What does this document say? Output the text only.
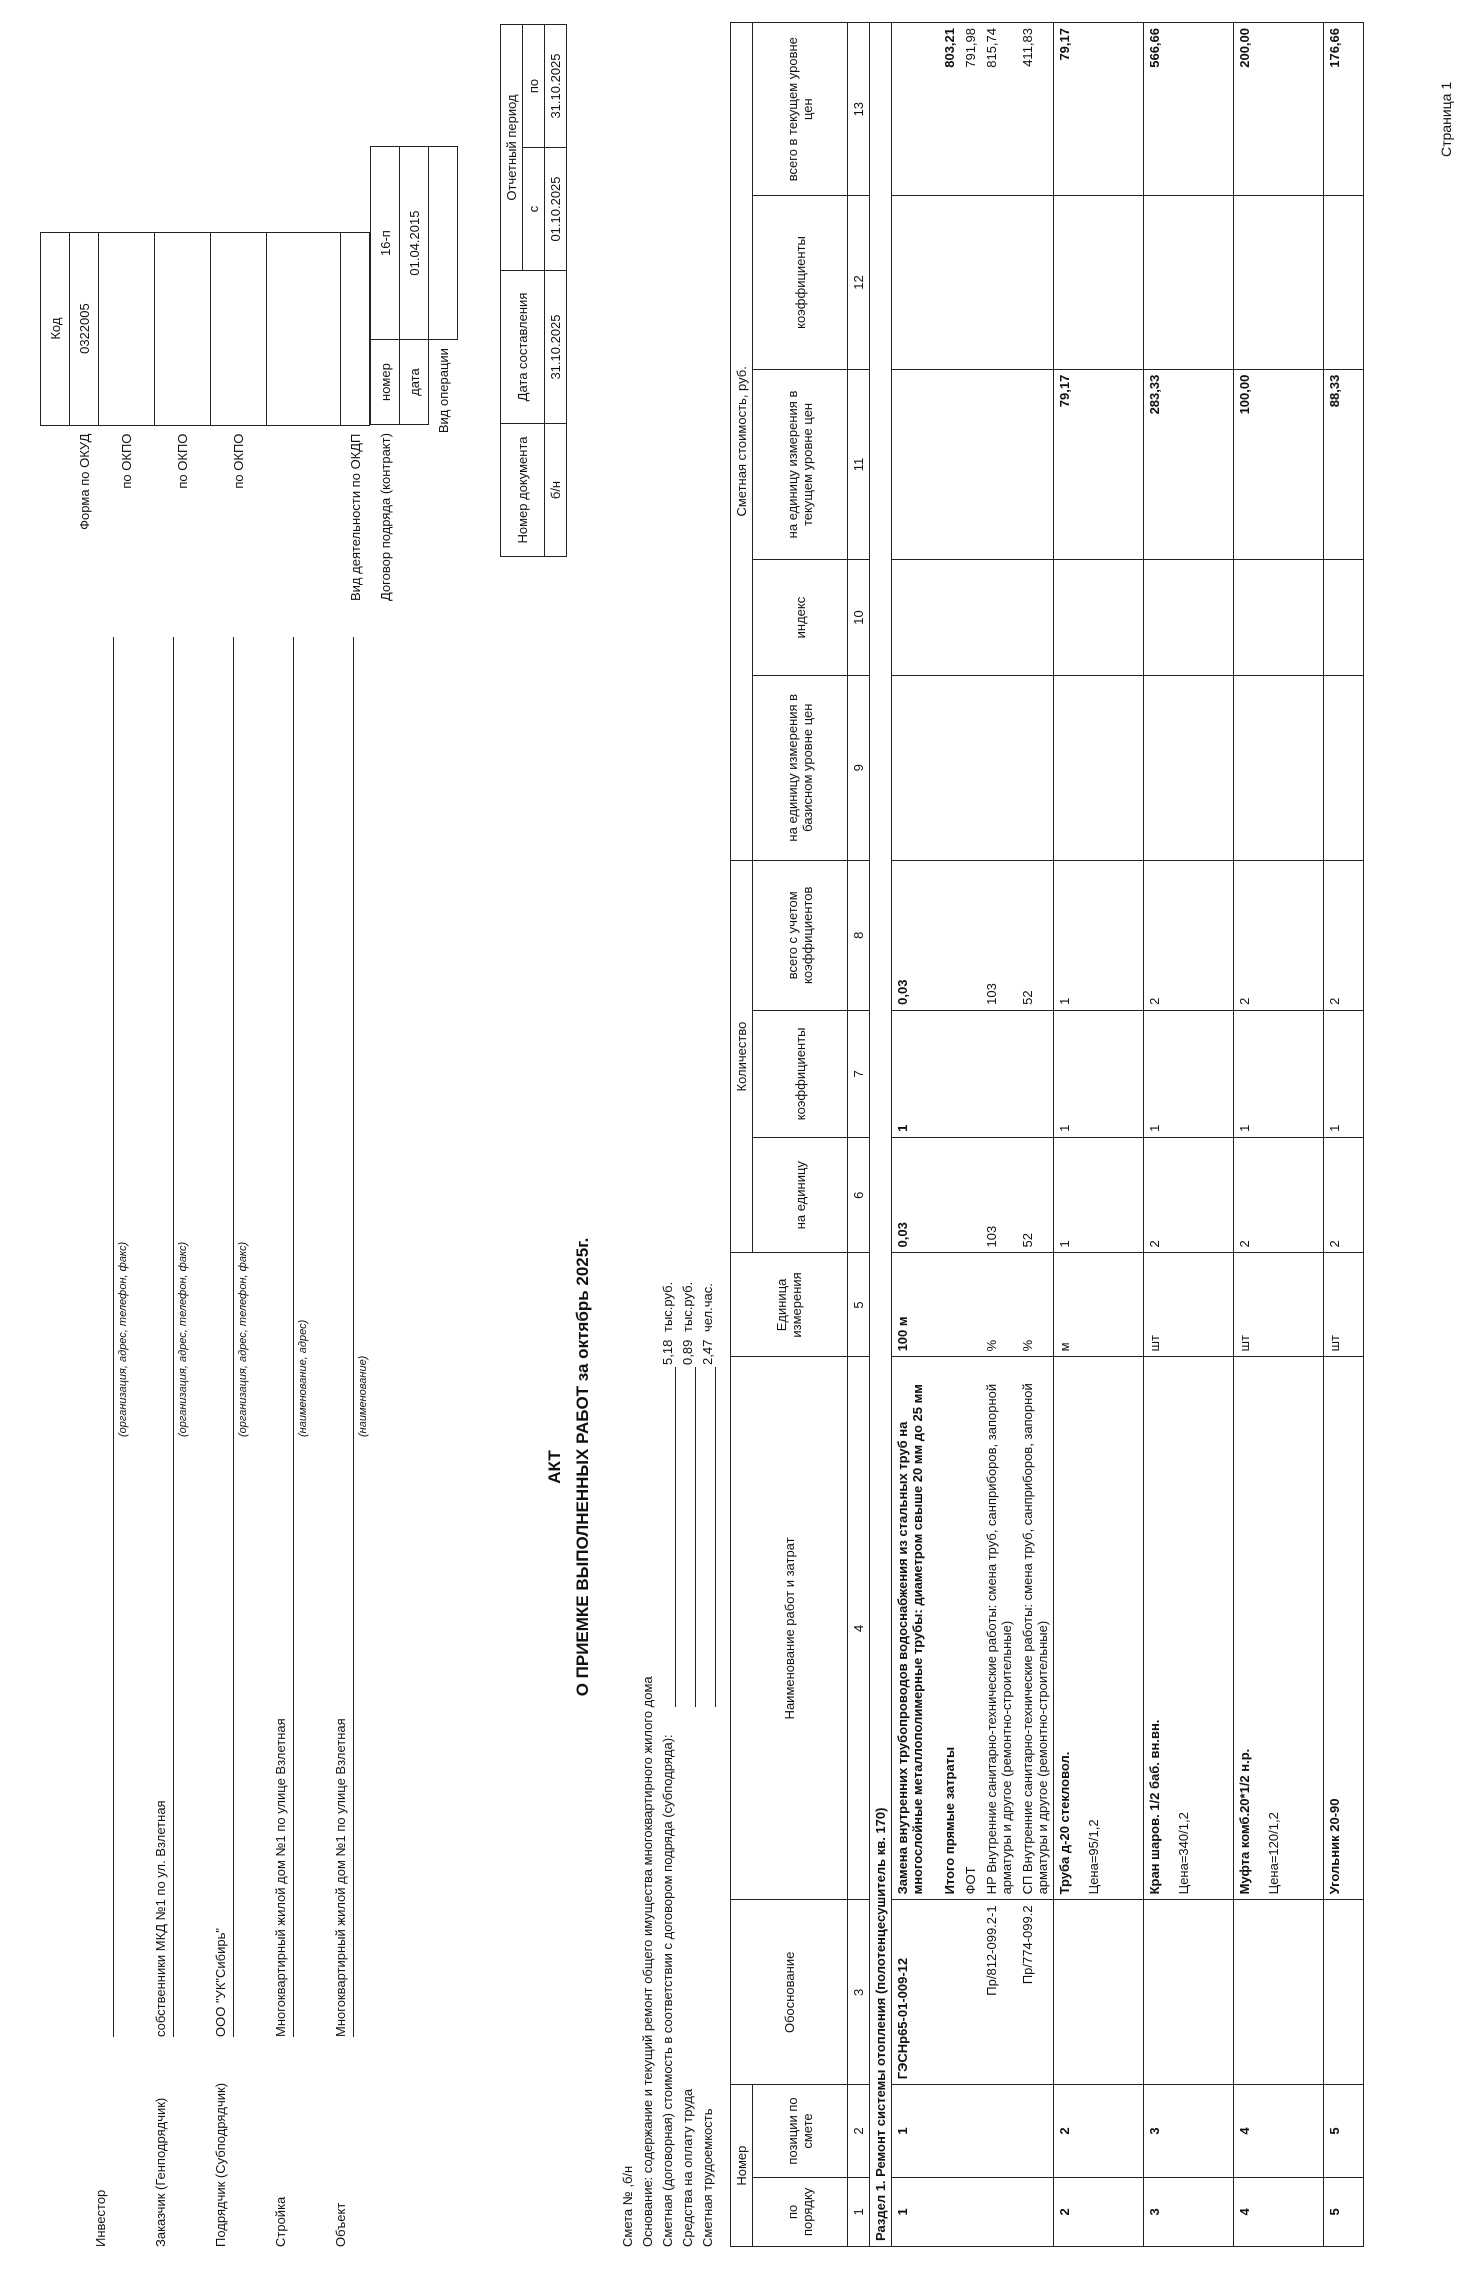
	Код
Форма по ОКУД	0322005
по ОКПО	
по ОКПО	
по ОКПО	

Вид деятельности по ОКДП	Договор подряда (контракт)	номер	16-п
	дата	01.04.2015
Вид операции		
Инвестор
(организация, адрес, телефон, факс)
Заказчик (Генподрядчик)
собственники МКД №1 по ул. Взлетная
(организация, адрес, телефон, факс)
Подрядчик (Субподрядчик)
ООО "УК"Сибирь"
(организация, адрес, телефон, факс)
Стройка
Многоквартирный жилой дом №1 по улице Взлетная
(наименование, адрес)
Объект
Многоквартирный жилой дом №1 по улице Взлетная
(наименование)
Номер документа	Дата составления	Отчетный период	
		с	по
б/н	31.10.2025	01.10.2025	31.10.2025
АКТ О ПРИЕМКЕ ВЫПОЛНЕННЫХ РАБОТ за октябрь 2025г.
Смета № ,б/н Основание: содержание и текущий ремонт общего имущества многоквартирного жилого дома Сметная (договорная) стоимость в соответствии с договором подряда (субподряда):
5,18
тыс.руб.
Средства на оплату труда
0,89
тыс.руб.
Сметная трудоемкость
2,47
чел.час.
Номер		Обоснование	Наименование работ и затрат	Единица измерения	Количество			Сметная стоимость, руб.				
по порядку	позиции по смете				на единицу	коэффициенты	всего с учетом коэффициентов	на единицу измерения в базисном уровне цен	индекс	на единицу измерения в текущем уровне цен	коэффициенты	всего в текущем уровне цен
1	2	3	4	5	6	7	8	9	10	11	12	13
Раздел 1. Ремонт системы отопления (полотенцесушитель кв. 170)												
1	1	ГЭСНр65-01-009-12	Замена внутренних трубопроводов водоснабжения из стальных труб на многослойные металлополимерные трубы: диаметром свыше 20 мм до 25 мм	100 м	0,03	1	0,03					
			Итого прямые затраты									803,21
			ФОТ									791,98
		Пр/812-099.2-1	НР Внутренние санитарно-технические работы: смена труб, санприборов, запорной арматуры и другое (ремонтно-строительные)	%	103		103					815,74
		Пр/774-099.2	СП Внутренние санитарно-технические работы: смена труб, санприборов, запорной арматуры и другое (ремонтно-строительные)	%	52		52					411,83
2	2		Труба д-20 стекловол. Цена=95/1,2	м	1	1	1			79,17		79,17
3	3		Кран шаров. 1/2 баб. вн.вн. Цена=340/1,2	шт	2	1	2			283,33		566,66
4	4		Муфта комб.20*1/2 н.р. Цена=120/1,2	шт	2	1	2			100,00		200,00
5	5		Угольник 20-90	шт	2	1	2			88,33		176,66
Страница 1
